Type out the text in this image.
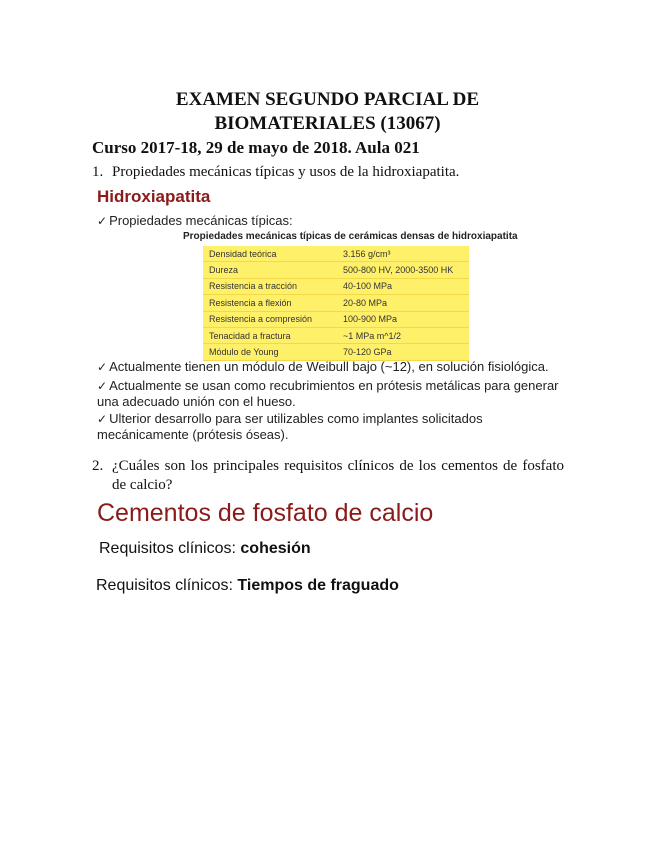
EXAMEN SEGUNDO PARCIAL DE
BIOMATERIALES (13067)
Curso 2017-18, 29 de mayo de 2018. Aula 021
1. Propiedades mecánicas típicas y usos de la hidroxiapatita.
Hidroxiapatita
✓ Propiedades mecánicas típicas:
Propiedades mecánicas típicas de cerámicas densas de hidroxiapatita
Densidad teórica	3.156 g/cm³
Dureza	500-800 HV, 2000-3500 HK
Resistencia a tracción	40-100 MPa
Resistencia a flexión	20-80 MPa
Resistencia a compresión	100-900 MPa
Tenacidad a fractura	~1 MPa m^1/2
Módulo de Young	70-120 GPa
✓ Actualmente tienen un módulo de Weibull bajo (~12), en solución fisiológica.
✓ Actualmente se usan como recubrimientos en prótesis metálicas para generar una adecuado unión con el hueso.
✓ Ulterior desarrollo para ser utilizables como implantes solicitados mecánicamente (prótesis óseas).
2. ¿Cuáles son los principales requisitos clínicos de los cementos de fosfato de calcio?
Cementos de fosfato de calcio
Requisitos clínicos: cohesión
Requisitos clínicos: Tiempos de fraguado
